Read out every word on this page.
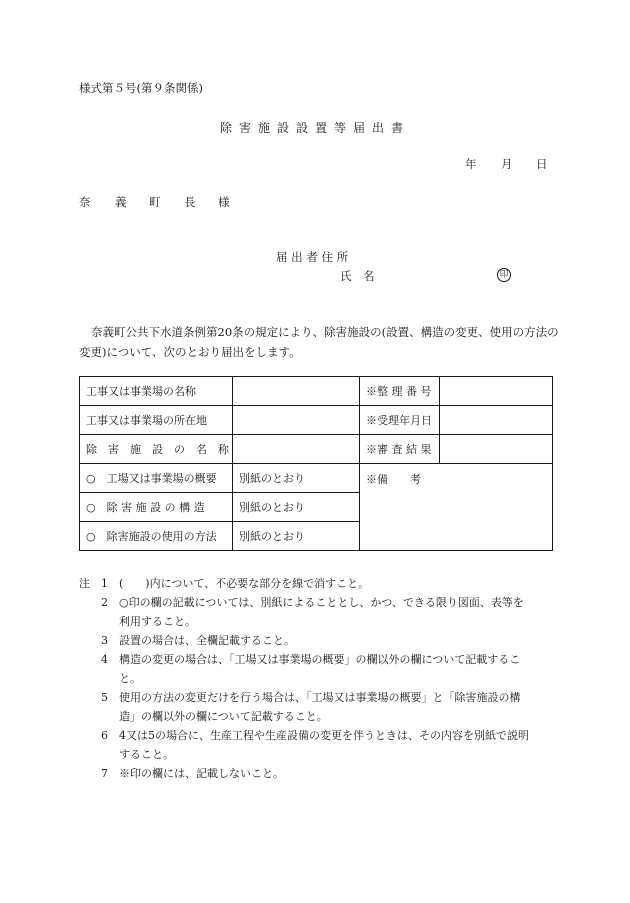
様式第５号(第９条関係)
除害施設設置等届出書
年 月 日
奈 義 町 長 様
届 出 者 住 所
氏　名	印
奈義町公共下水道条例第20条の規定により、除害施設の(設置、構造の変更、使用の方法の変更)について、次のとおり届出をします。
工事又は事業場の名称		※整 理 番 号	
工事又は事業場の所在地		※受理年月日	
除　害　施　設　の　名　称		※審 査 結 果	
○　工場又は事業場の概要	別紙のとおり	※備　　考	
○　除 害 施 設 の 構 造	別紙のとおり		
○　除害施設の使用の方法	別紙のとおり		
注	1	(　　)内について、不必要な部分を線で消すこと。
2	○印の欄の記載については、別紙によることとし、かつ、できる限り図面、表等を
利用すること。
3	設置の場合は、全欄記載すること。
4	構造の変更の場合は、「工場又は事業場の概要」の欄以外の欄について記載するこ
と。
5	使用の方法の変更だけを行う場合は、「工場又は事業場の概要」と「除害施設の構
造」の欄以外の欄について記載すること。
6	4又は5の場合に、生産工程や生産設備の変更を伴うときは、その内容を別紙で説明
すること。
7	※印の欄には、記載しないこと。
